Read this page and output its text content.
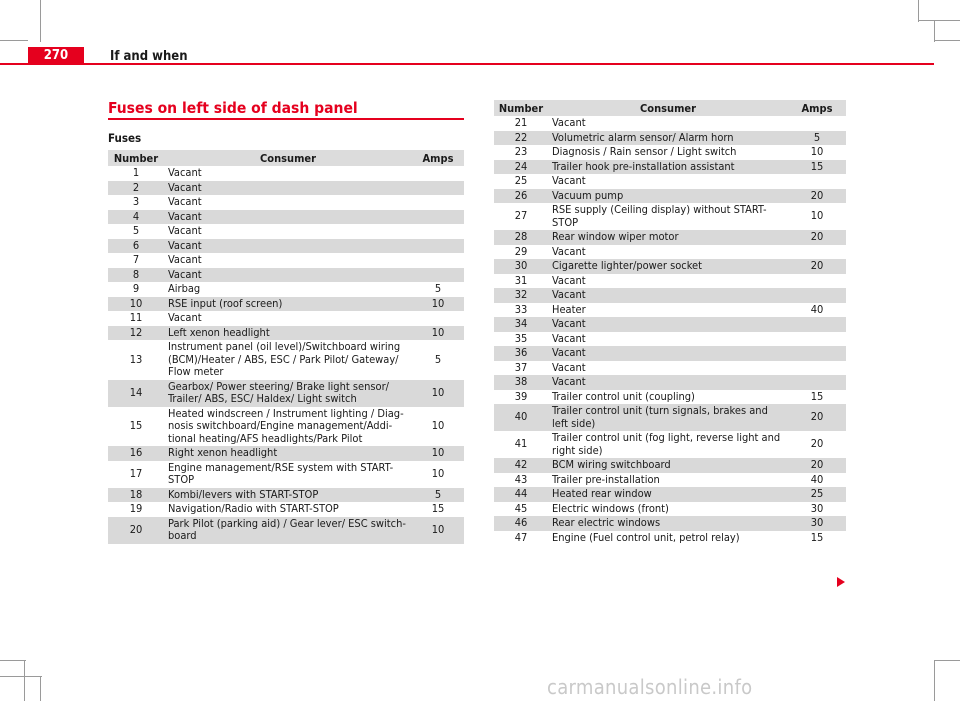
270	If and when
Fuses on left side of dash panel
Fuses
Number	Consumer	Amps
1	Vacant	
2	Vacant	
3	Vacant	
4	Vacant	
5	Vacant	
6	Vacant	
7	Vacant	
8	Vacant	
9	Airbag	5
10	RSE input (roof screen)	10
11	Vacant	
12	Left xenon headlight	10
13	Instrument panel (oil level)/Switchboard wiring (BCM)/Heater / ABS, ESC / Park Pilot/ Gateway/ Flow meter	5
14	Gearbox/ Power steering/ Brake light sensor/ Trailer/ ABS, ESC/ Haldex/ Light switch	10
15	Heated windscreen / Instrument lighting / Diag- nosis switchboard/Engine management/Addi- tional heating/AFS headlights/Park Pilot	10
16	Right xenon headlight	10
17	Engine management/RSE system with START- STOP	10
18	Kombi/levers with START-STOP	5
19	Navigation/Radio with START-STOP	15
20	Park Pilot (parking aid) / Gear lever/ ESC switch- board	10
Number	Consumer	Amps
21	Vacant	
22	Volumetric alarm sensor/ Alarm horn	5
23	Diagnosis / Rain sensor / Light switch	10
24	Trailer hook pre-installation assistant	15
25	Vacant	
26	Vacuum pump	20
27	RSE supply (Ceiling display) without START-STOP	10
28	Rear window wiper motor	20
29	Vacant	
30	Cigarette lighter/power socket	20
31	Vacant	
32	Vacant	
33	Heater	40
34	Vacant	
35	Vacant	
36	Vacant	
37	Vacant	
38	Vacant	
39	Trailer control unit (coupling)	15
40	Trailer control unit (turn signals, brakes and left side)	20
41	Trailer control unit (fog light, reverse light and right side)	20
42	BCM wiring switchboard	20
43	Trailer pre-installation	40
44	Heated rear window	25
45	Electric windows (front)	30
46	Rear electric windows	30
47	Engine (Fuel control unit, petrol relay)	15
carmanualsonline.info
